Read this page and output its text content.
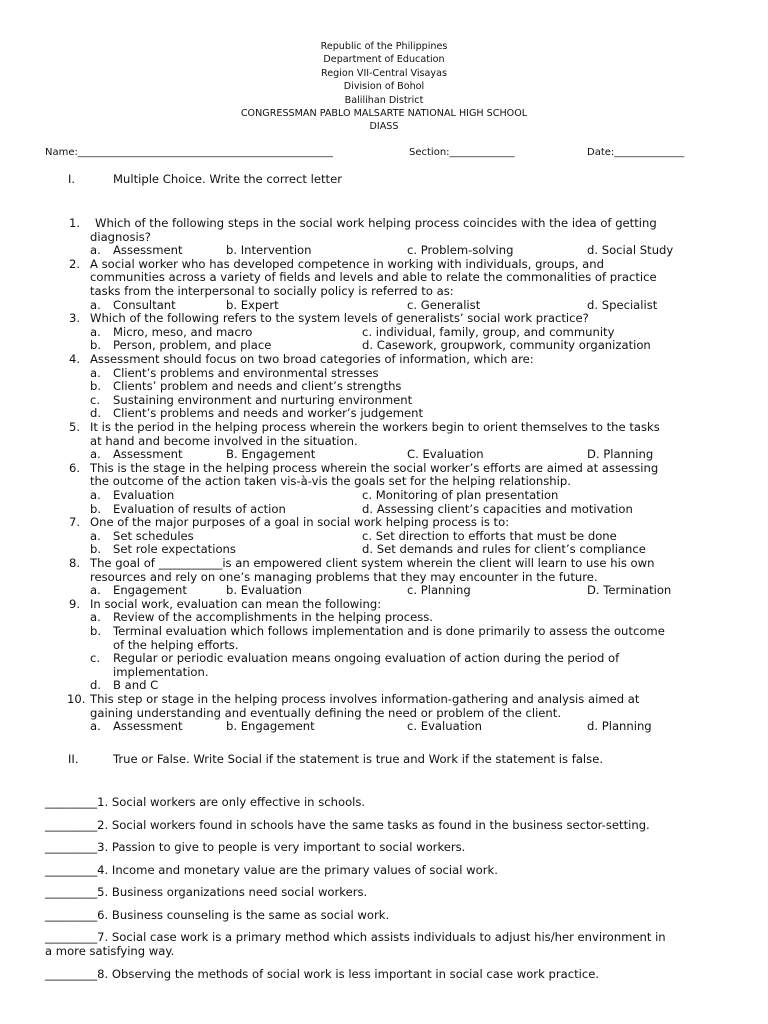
Republic of the Philippines
Department of Education
Region VII-Central Visayas
Division of Bohol
Balilihan District
CONGRESSMAN PABLO MALSARTE NATIONAL HIGH SCHOOL
DIASS
Name:___________________________________________________	Section:_____________	Date:______________
I.	Multiple Choice. Write the correct letter
1. Which of the following steps in the social work helping process coincides with the idea of getting
diagnosis?
a. Assessment	b. Intervention	c. Problem-solving	d. Social Study
2. A social worker who has developed competence in working with individuals, groups, and
communities across a variety of fields and levels and able to relate the commonalities of practice
tasks from the interpersonal to socially policy is referred to as:
a. Consultant	b. Expert	c. Generalist	d. Specialist
3. Which of the following refers to the system levels of generalists’ social work practice?
a. Micro, meso, and macro	c. individual, family, group, and community
b. Person, problem, and place	d. Casework, groupwork, community organization
4. Assessment should focus on two broad categories of information, which are:
a. Client’s problems and environmental stresses
b. Clients’ problem and needs and client’s strengths
c. Sustaining environment and nurturing environment
d. Client’s problems and needs and worker’s judgement
5. It is the period in the helping process wherein the workers begin to orient themselves to the tasks
at hand and become involved in the situation.
a. Assessment	B. Engagement	C. Evaluation	D. Planning
6. This is the stage in the helping process wherein the social worker’s efforts are aimed at assessing
the outcome of the action taken vis-à-vis the goals set for the helping relationship.
a. Evaluation	c. Monitoring of plan presentation
b. Evaluation of results of action	d. Assessing client’s capacities and motivation
7. One of the major purposes of a goal in social work helping process is to:
a. Set schedules	c. Set direction to efforts that must be done
b. Set role expectations	d. Set demands and rules for client’s compliance
8. The goal of ___________is an empowered client system wherein the client will learn to use his own
resources and rely on one’s managing problems that they may encounter in the future.
a. Engagement	b. Evaluation	c. Planning	D. Termination
9. In social work, evaluation can mean the following:
a. Review of the accomplishments in the helping process.
b. Terminal evaluation which follows implementation and is done primarily to assess the outcome
of the helping efforts.
c. Regular or periodic evaluation means ongoing evaluation of action during the period of
implementation.
d. B and C
10. This step or stage in the helping process involves information-gathering and analysis aimed at
gaining understanding and eventually defining the need or problem of the client.
a. Assessment	b. Engagement	c. Evaluation	d. Planning
II.	True or False. Write Social if the statement is true and Work if the statement is false.
_________1. Social workers are only effective in schools.
_________2. Social workers found in schools have the same tasks as found in the business sector-setting.
_________3. Passion to give to people is very important to social workers.
_________4. Income and monetary value are the primary values of social work.
_________5. Business organizations need social workers.
_________6. Business counseling is the same as social work.
_________7. Social case work is a primary method which assists individuals to adjust his/her environment in
a more satisfying way.
_________8. Observing the methods of social work is less important in social case work practice.
